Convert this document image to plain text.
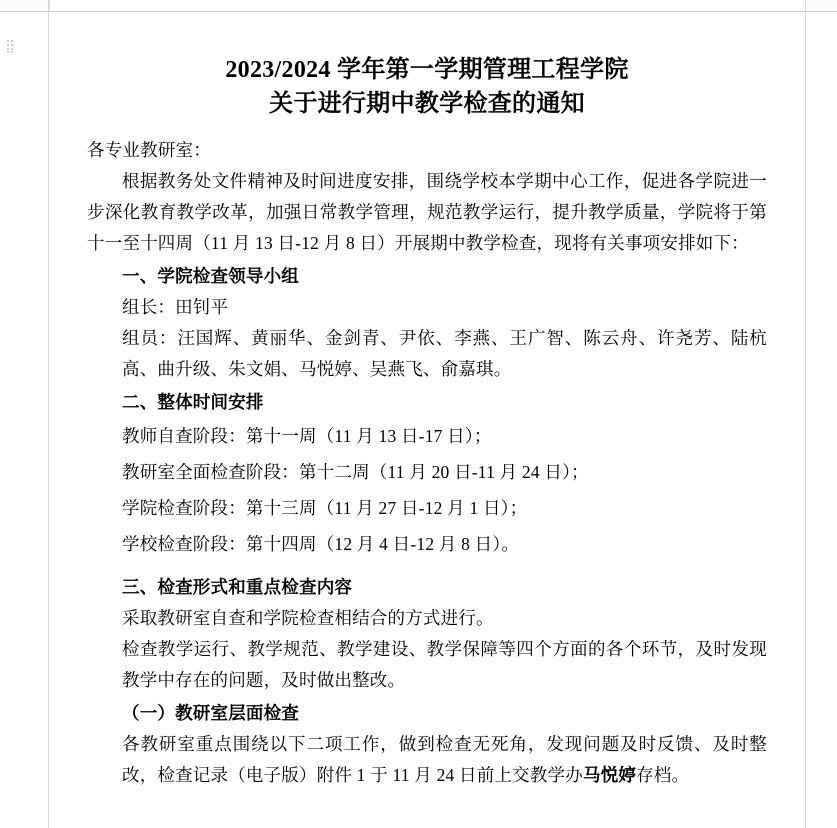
2023/2024 学年第一学期管理工程学院
关于进行期中教学检查的通知

各专业教研室：

根据教务处文件精神及时间进度安排，围绕学校本学期中心工作，促进各学院进一步深化教育教学改革，加强日常教学管理，规范教学运行，提升教学质量，学院将于第十一至十四周（11 月 13 日-12 月 8 日）开展期中教学检查，现将有关事项安排如下：

一、学院检查领导小组

组长：田钊平

组员：汪国辉、黄丽华、金剑青、尹依、李燕、王广智、陈云舟、许尧芳、陆杭高、曲升级、朱文娟、马悦婷、吴燕飞、俞嘉琪。

二、整体时间安排

教师自查阶段：第十一周（11 月 13 日-17 日）；

教研室全面检查阶段：第十二周（11 月 20 日-11 月 24 日）；

学院检查阶段：第十三周（11 月 27 日-12 月 1 日）；

学校检查阶段：第十四周（12 月 4 日-12 月 8 日）。

三、检查形式和重点检查内容

采取教研室自查和学院检查相结合的方式进行。

检查教学运行、教学规范、教学建设、教学保障等四个方面的各个环节，及时发现教学中存在的问题，及时做出整改。

（一）教研室层面检查

各教研室重点围绕以下二项工作，做到检查无死角，发现问题及时反馈、及时整改，检查记录（电子版）附件 1 于 11 月 24 日前上交教学办马悦婷存档。
